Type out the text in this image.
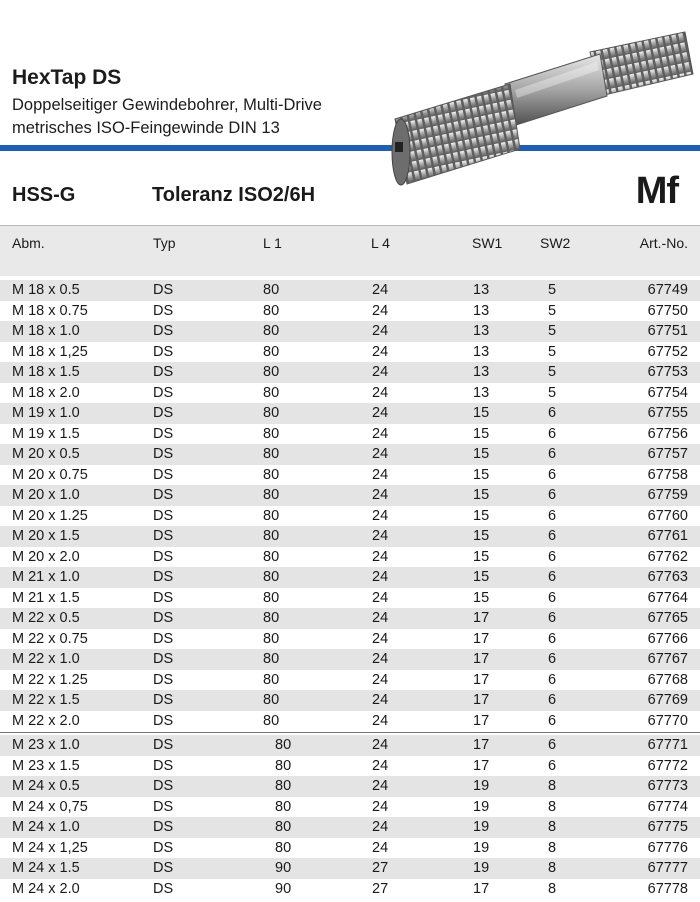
HexTap DS
Doppelseitiger Gewindebohrer, Multi-Drive
metrisches ISO-Feingewinde DIN 13
HSS-G	Toleranz ISO2/6H	Mf
Abm.	Typ	L 1	L 4	SW1	SW2	Art.-No.
M 18 x 0.5	DS	80	24	13	5	67749
M 18 x 0.75	DS	80	24	13	5	67750
M 18 x 1.0	DS	80	24	13	5	67751
M 18 x 1,25	DS	80	24	13	5	67752
M 18 x 1.5	DS	80	24	13	5	67753
M 18 x 2.0	DS	80	24	13	5	67754
M 19 x 1.0	DS	80	24	15	6	67755
M 19 x 1.5	DS	80	24	15	6	67756
M 20 x 0.5	DS	80	24	15	6	67757
M 20 x 0.75	DS	80	24	15	6	67758
M 20 x 1.0	DS	80	24	15	6	67759
M 20 x 1.25	DS	80	24	15	6	67760
M 20 x 1.5	DS	80	24	15	6	67761
M 20 x 2.0	DS	80	24	15	6	67762
M 21 x 1.0	DS	80	24	15	6	67763
M 21 x 1.5	DS	80	24	15	6	67764
M 22 x 0.5	DS	80	24	17	6	67765
M 22 x 0.75	DS	80	24	17	6	67766
M 22 x 1.0	DS	80	24	17	6	67767
M 22 x 1.25	DS	80	24	17	6	67768
M 22 x 1.5	DS	80	24	17	6	67769
M 22 x 2.0	DS	80	24	17	6	67770
M 23 x 1.0	DS	80	24	17	6	67771
M 23 x 1.5	DS	80	24	17	6	67772
M 24 x 0.5	DS	80	24	19	8	67773
M 24 x 0,75	DS	80	24	19	8	67774
M 24 x 1.0	DS	80	24	19	8	67775
M 24 x 1,25	DS	80	24	19	8	67776
M 24 x 1.5	DS	90	27	19	8	67777
M 24 x 2.0	DS	90	27	17	8	67778
